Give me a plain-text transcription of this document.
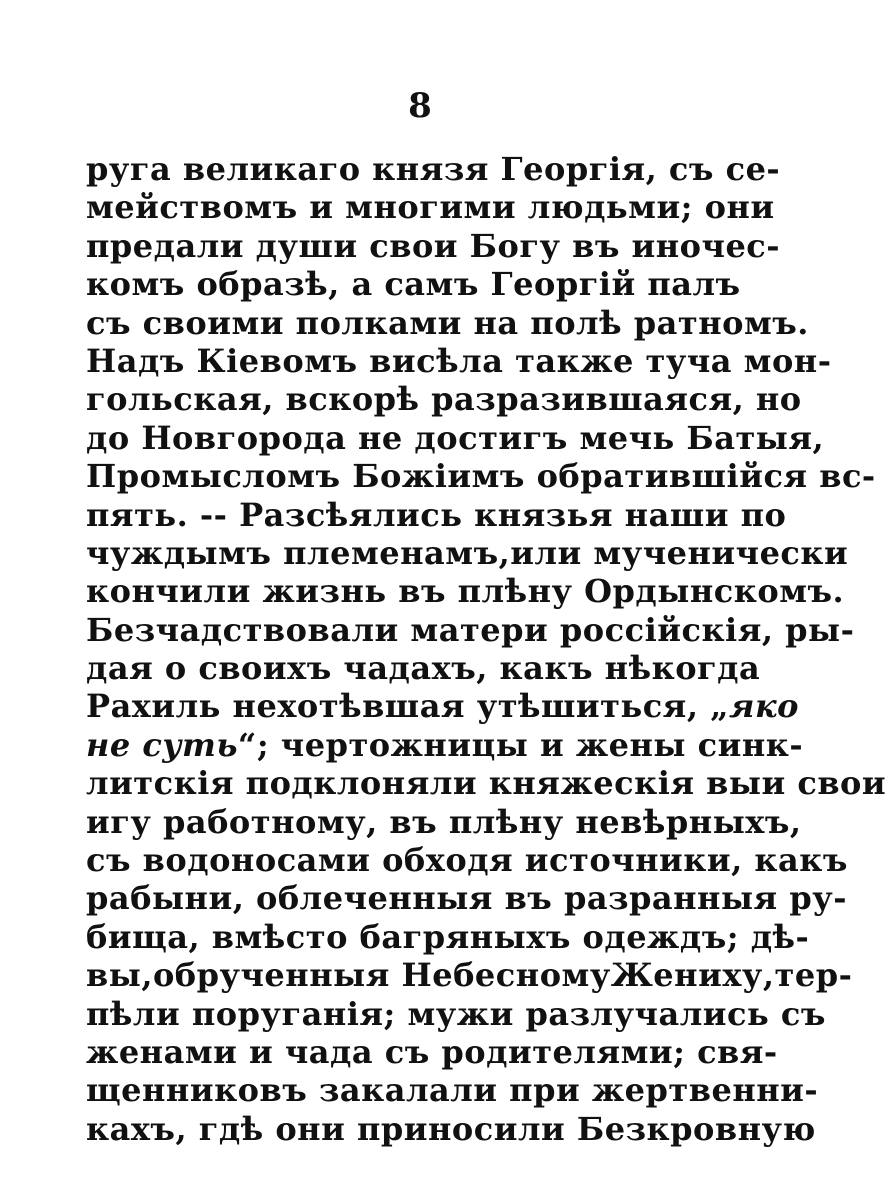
8
руга великаго князя Георгія, съ се-
мействомъ и многими людьми; они
предали души свои Богу въ иночес-
комъ образѣ, а самъ Георгій палъ
съ своими полками на полѣ ратномъ.
Надъ Кіевомъ висѣла также туча мон-
гольская, вскорѣ разразившаяся, но
до Новгорода не достигъ мечь Батыя,
Промысломъ Божіимъ обратившійся вс-
пять. -- Разсѣялись князья наши по
чуждымъ племенамъ,или мученически
кончили жизнь въ плѣну Ордынскомъ.
Безчадствовали матери россійскія, ры-
дая о своихъ чадахъ, какъ нѣкогда
Рахиль нехотѣвшая утѣшиться, „яко
не суть“; чертожницы и жены синк-
литскія подклоняли княжескія выи свои
игу работному, въ плѣну невѣрныхъ,
съ водоносами обходя источники, какъ
рабыни, облеченныя въ разранныя ру-
бища, вмѣсто багряныхъ одеждъ; дѣ-
вы,обрученныя НебесномуЖениху,тер-
пѣли поруганія; мужи разлучались съ
женами и чада съ родителями; свя-
щенниковъ закалали при жертвенни-
кахъ, гдѣ они приносили Безкровную
